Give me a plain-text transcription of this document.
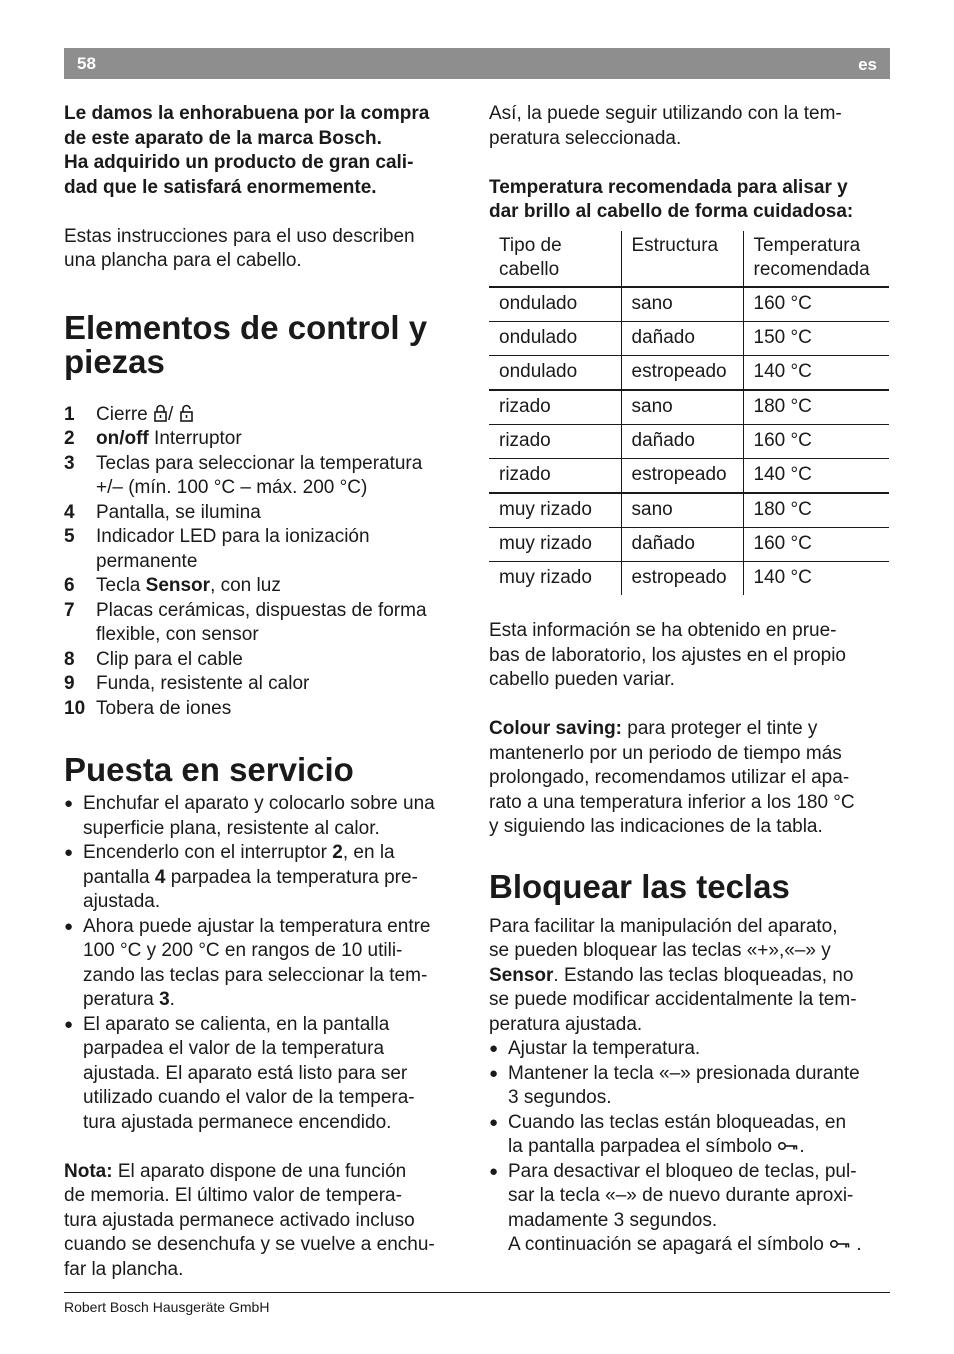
58	es

Le damos la enhorabuena por la compra
de este aparato de la marca Bosch.
Ha adquirido un producto de gran cali-
dad que le satisfará enormemente.

Estas instrucciones para el uso describen
una plancha para el cabello.

Elementos de control y
piezas
1	Cierre /
2	on/off Interruptor
3	Teclas para seleccionar la temperatura
+/– (mín. 100 °C – máx. 200 °C)
4	Pantalla, se ilumina
5	Indicador LED para la ionización
permanente
6	Tecla Sensor, con luz
7	Placas cerámicas, dispuestas de forma
flexible, con sensor
8	Clip para el cable
9	Funda, resistente al calor
10 Tobera de iones
Puesta en servicio
● Enchufar el aparato y colocarlo sobre una
superficie plana, resistente al calor.
● Encenderlo con el interruptor 2, en la
pantalla 4 parpadea la temperatura pre-
ajustada.
● Ahora puede ajustar la temperatura entre
100 °C y 200 °C en rangos de 10 utili-
zando las teclas para seleccionar la tem-
peratura 3.
● El aparato se calienta, en la pantalla
parpadea el valor de la temperatura
ajustada. El aparato está listo para ser
utilizado cuando el valor de la tempera-
tura ajustada permanece encendido.

Nota: El aparato dispone de una función
de memoria. El último valor de tempera-
tura ajustada permanece activado incluso
cuando se desenchufa y se vuelve a enchu-
far la plancha.

Así, la puede seguir utilizando con la tem-
peratura seleccionada.

Temperatura recomendada para alisar y
dar brillo al cabello de forma cuidadosa:

Tipo de
cabello	Estructura	Temperatura
recomendada
ondulado	sano	160 °C
ondulado	dañado	150 °C
ondulado	estropeado	140 °C
rizado	sano	180 °C
rizado	dañado	160 °C
rizado	estropeado	140 °C
muy rizado	sano	180 °C
muy rizado	dañado	160 °C
muy rizado	estropeado	140 °C

Esta información se ha obtenido en prue-
bas de laboratorio, los ajustes en el propio
cabello pueden variar.

Colour saving: para proteger el tinte y
mantenerlo por un periodo de tiempo más
prolongado, recomendamos utilizar el apa-
rato a una temperatura inferior a los 180 °C
y siguiendo las indicaciones de la tabla.

Bloquear las teclas

Para facilitar la manipulación del aparato,
se pueden bloquear las teclas «+»,«–» y
Sensor. Estando las teclas bloqueadas, no
se puede modificar accidentalmente la tem-
peratura ajustada.

● Ajustar la temperatura.
● Mantener la tecla «–» presionada durante
3 segundos.
● Cuando las teclas están bloqueadas, en
la pantalla parpadea el símbolo .
● Para desactivar el bloqueo de teclas, pul-
sar la tecla «–» de nuevo durante aproxi-
madamente 3 segundos.
A continuación se apagará el símbolo .
Robert Bosch Hausgeräte GmbH
